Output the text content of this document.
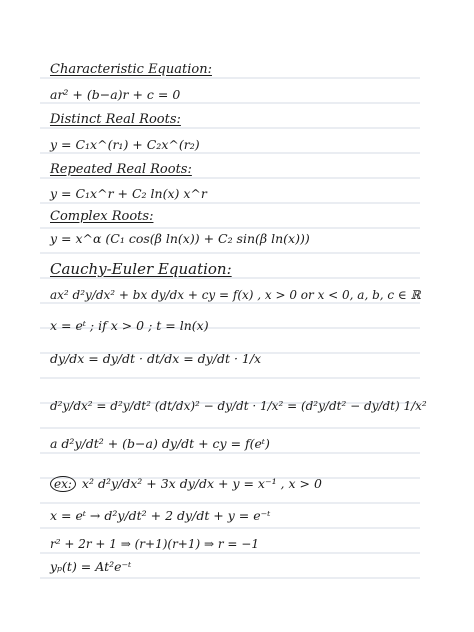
Characteristic Equation:
ar² + (b−a)r + c = 0
Distinct Real Roots:
y = C₁x^(r₁) + C₂x^(r₂)
Repeated Real Roots:
y = C₁x^r + C₂ ln(x) x^r
Complex Roots:
y = x^α (C₁ cos(β ln(x)) + C₂ sin(β ln(x)))
Cauchy-Euler Equation:
ax² d²y/dx² + bx dy/dx + cy = f(x) , x > 0 or x < 0, a, b, c ∈ ℝ
x = eᵗ ; if x > 0 ; t = ln(x)
dy/dx = dy/dt · dt/dx = dy/dt · 1/x
d²y/dx² = d²y/dt² (dt/dx)² − dy/dt · 1/x² = (d²y/dt² − dy/dt) 1/x²
a d²y/dt² + (b−a) dy/dt + cy = f(eᵗ)
ex: x² d²y/dx² + 3x dy/dx + y = x⁻¹ , x > 0
x = eᵗ → d²y/dt² + 2 dy/dt + y = e⁻ᵗ
r² + 2r + 1 ⇒ (r+1)(r+1) ⇒ r = −1
yₚ(t) = At²e⁻ᵗ
